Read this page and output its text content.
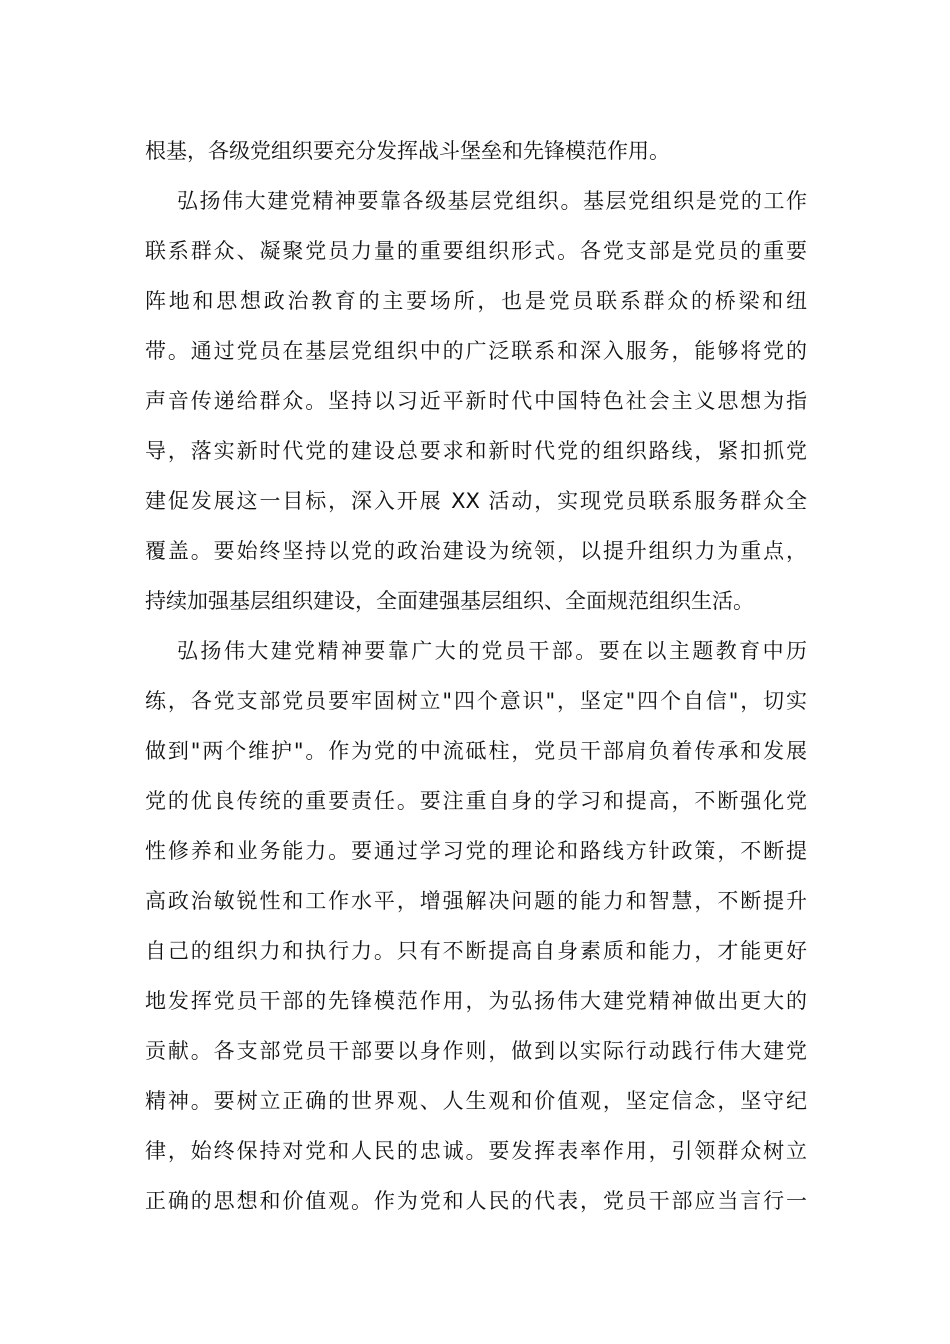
根基，各级党组织要充分发挥战斗堡垒和先锋模范作用。
弘扬伟大建党精神要靠各级基层党组织。基层党组织是党的工作
联系群众、凝聚党员力量的重要组织形式。各党支部是党员的重要
阵地和思想政治教育的主要场所，也是党员联系群众的桥梁和纽
带。通过党员在基层党组织中的广泛联系和深入服务，能够将党的
声音传递给群众。坚持以习近平新时代中国特色社会主义思想为指
导，落实新时代党的建设总要求和新时代党的组织路线，紧扣抓党
建促发展这一目标，深入开展 XX 活动，实现党员联系服务群众全
覆盖。要始终坚持以党的政治建设为统领，以提升组织力为重点，
持续加强基层组织建设，全面建强基层组织、全面规范组织生活。
弘扬伟大建党精神要靠广大的党员干部。要在以主题教育中历
练，各党支部党员要牢固树立"四个意识"，坚定"四个自信"，切实
做到"两个维护"。作为党的中流砥柱，党员干部肩负着传承和发展
党的优良传统的重要责任。要注重自身的学习和提高，不断强化党
性修养和业务能力。要通过学习党的理论和路线方针政策，不断提
高政治敏锐性和工作水平，增强解决问题的能力和智慧，不断提升
自己的组织力和执行力。只有不断提高自身素质和能力，才能更好
地发挥党员干部的先锋模范作用，为弘扬伟大建党精神做出更大的
贡献。各支部党员干部要以身作则，做到以实际行动践行伟大建党
精神。要树立正确的世界观、人生观和价值观，坚定信念，坚守纪
律，始终保持对党和人民的忠诚。要发挥表率作用，引领群众树立
正确的思想和价值观。作为党和人民的代表，党员干部应当言行一
